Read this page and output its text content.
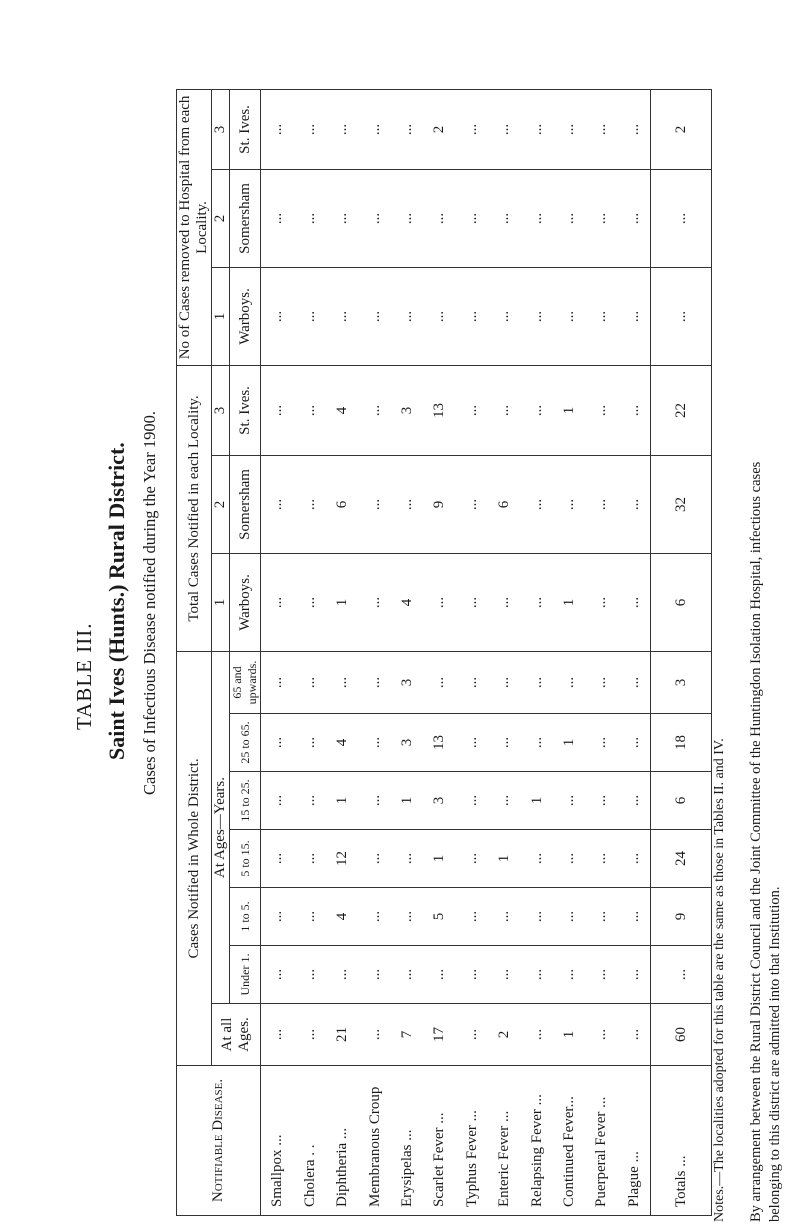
TABLE III. Saint Ives (Hunts.) Rural District. Cases of Infectious Disease notified during the Year 1900.
Notifiable Disease.	Cases Notified in Whole District.							Total Cases Notified in each Locality.			No of Cases removed to Hospital from each Locality.		
	At all Ages.	At Ages—Years.						1	2	3	1	2	3
		Under 1.	1 to 5.	5 to 15.	15 to 25.	25 to 65.	65 and upwards.	Warboys.	Somersham	St. Ives.	Warboys.	Somersham	St. Ives.
Smallpox ...	...	...	...	...	...	...	...	...	...	...	...	...	...
Cholera . .	...	...	...	...	...	...	...	...	...	...	...	...	...
Diphtheria ...	21	...	4	12	1	4	...	1	6	4	...	...	...
Membranous Croup	...	...	...	...	...	...	...	...	...	...	...	...	...
Erysipelas ...	7	...	...	...	1	3	3	4	...	3	...	...	...
Scarlet Fever ...	17	...	5	1	3	13	...	...	9	13	...	...	2
Typhus Fever ...	...	...	...	...	...	...	...	...	...	...	...	...	...
Enteric Fever ...	2	...	...	1	...	...	...	...	6	...	...	...	...
Relapsing Fever ...	...	...	...	...	1	...	...	...	...	...	...	...	...
Continued Fever...	1	...	...	...	...	1	...	1	...	1	...	...	...
Puerperal Fever ...	...	...	...	...	...	...	...	...	...	...	...	...	...
Plague ...	...	...	...	...	...	...	...	...	...	...	...	...	...
Totals ...	60	...	9	24	6	18	3	6	32	22	...	...	2
Notes.—The localities adopted for this table are the same as those in Tables II. and IV. By arrangement between the Rural District Council and the Joint Committee of the Huntingdon Isolation Hospital, infectious cases belonging to this district are admitted into that Institution.
